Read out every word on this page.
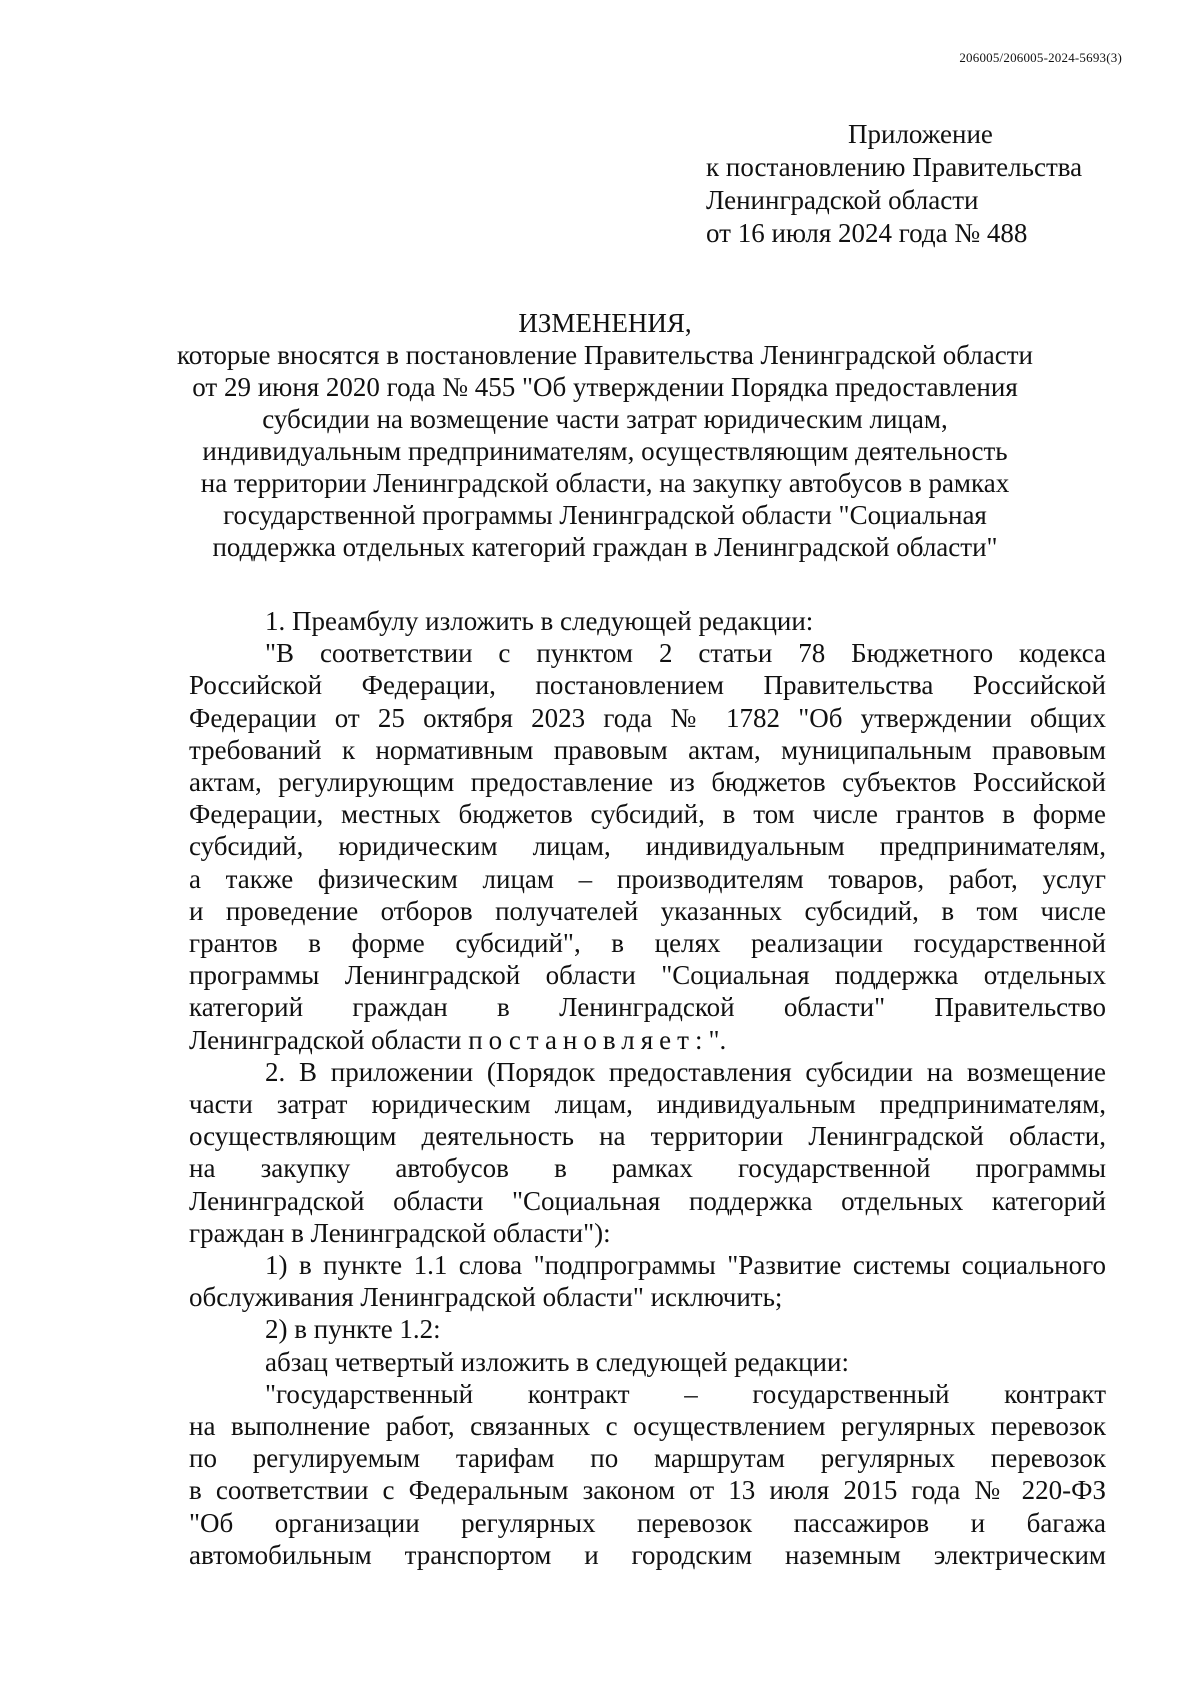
206005/206005-2024-5693(3)
Приложение
к постановлению Правительства
Ленинградской области
от 16 июля 2024 года № 488
ИЗМЕНЕНИЯ,
которые вносятся в постановление Правительства Ленинградской области
от 29 июня 2020 года № 455 "Об утверждении Порядка предоставления
субсидии на возмещение части затрат юридическим лицам,
индивидуальным предпринимателям, осуществляющим деятельность
на территории Ленинградской области, на закупку автобусов в рамках
государственной программы Ленинградской области "Социальная
поддержка отдельных категорий граждан в Ленинградской области"

1. Преамбулу изложить в следующей редакции:

"В соответствии с пунктом 2 статьи 78 Бюджетного кодекса
Российской Федерации, постановлением Правительства Российской
Федерации от 25 октября 2023 года № 1782 "Об утверждении общих
требований к нормативным правовым актам, муниципальным правовым
актам, регулирующим предоставление из бюджетов субъектов Российской
Федерации, местных бюджетов субсидий, в том числе грантов в форме
субсидий, юридическим лицам, индивидуальным предпринимателям,
а также физическим лицам – производителям товаров, работ, услуг
и проведение отборов получателей указанных субсидий, в том числе
грантов в форме субсидий", в целях реализации государственной
программы Ленинградской области "Социальная поддержка отдельных
категорий граждан в Ленинградской области" Правительство
Ленинградской области постановляет:".
2. В приложении (Порядок предоставления субсидии на возмещение
части затрат юридическим лицам, индивидуальным предпринимателям,
осуществляющим деятельность на территории Ленинградской области,
на закупку автобусов в рамках государственной программы
Ленинградской области "Социальная поддержка отдельных категорий
граждан в Ленинградской области"):
1) в пункте 1.1 слова "подпрограммы "Развитие системы социального
обслуживания Ленинградской области" исключить;

2) в пункте 1.2:

абзац четвертый изложить в следующей редакции:

"государственный контракт – государственный контракт
на выполнение работ, связанных с осуществлением регулярных перевозок
по регулируемым тарифам по маршрутам регулярных перевозок
в соответствии с Федеральным законом от 13 июля 2015 года № 220-ФЗ
"Об организации регулярных перевозок пассажиров и багажа
автомобильным транспортом и городским наземным электрическим
